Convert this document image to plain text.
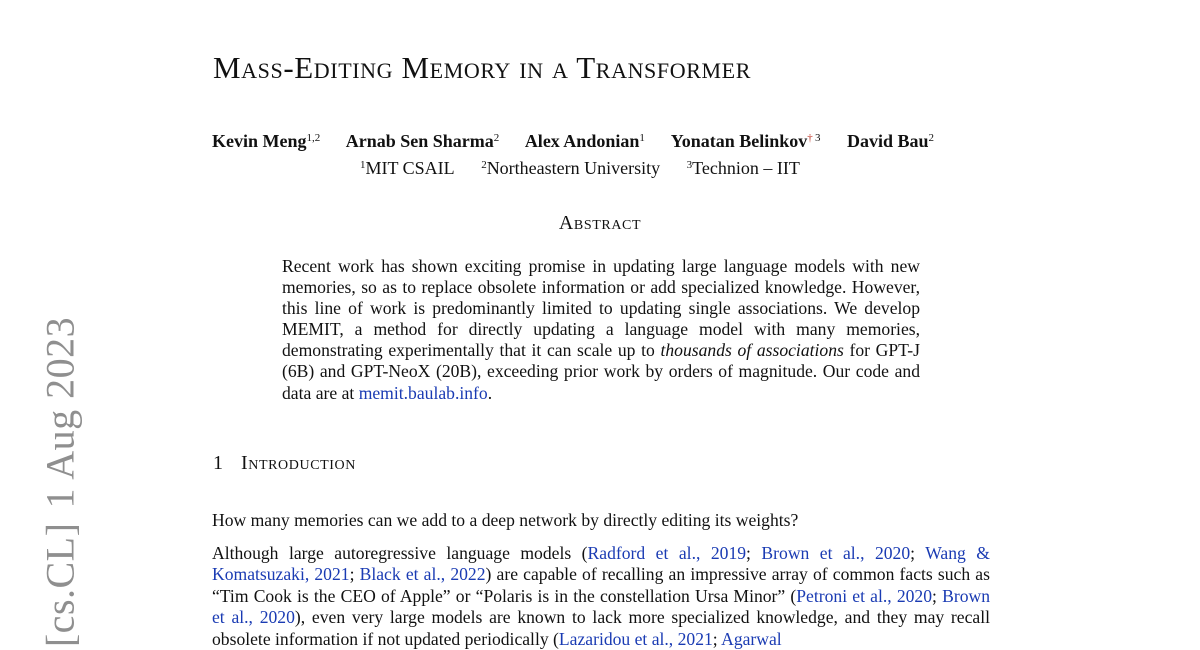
[cs.CL]1 Aug 2023
Mass-Editing Memory in a Transformer
Kevin Meng$^{1,2}$ Arnab Sen Sharma$^2$ Alex Andonian$^1$ Yonatan Belinkov$^{\dagger 3}$ David Bau$^2$
$^1$MIT CSAIL $^2$Northeastern University $^3$Technion – IIT
Abstract
Recent work has shown exciting promise in updating large language models with new memories, so as to replace obsolete information or add specialized knowledge. However, this line of work is predominantly limited to updating single associations. We develop MEMIT, a method for directly updating a language model with many memories, demonstrating experimentally that it can scale up to thousands of associations for GPT-J (6B) and GPT-NeoX (20B), exceeding prior work by orders of magnitude. Our code and data are at memit.baulab.info.
1 Introduction
How many memories can we add to a deep network by directly editing its weights?
Although large autoregressive language models (Radford et al., 2019; Brown et al., 2020; Wang & Komatsuzaki, 2021; Black et al., 2022) are capable of recalling an impressive array of common facts such as “Tim Cook is the CEO of Apple” or “Polaris is in the constellation Ursa Minor” (Petroni et al., 2020; Brown et al., 2020), even very large models are known to lack more specialized knowledge, and they may recall obsolete information if not updated periodically (Lazaridou et al., 2021; Agarwal
